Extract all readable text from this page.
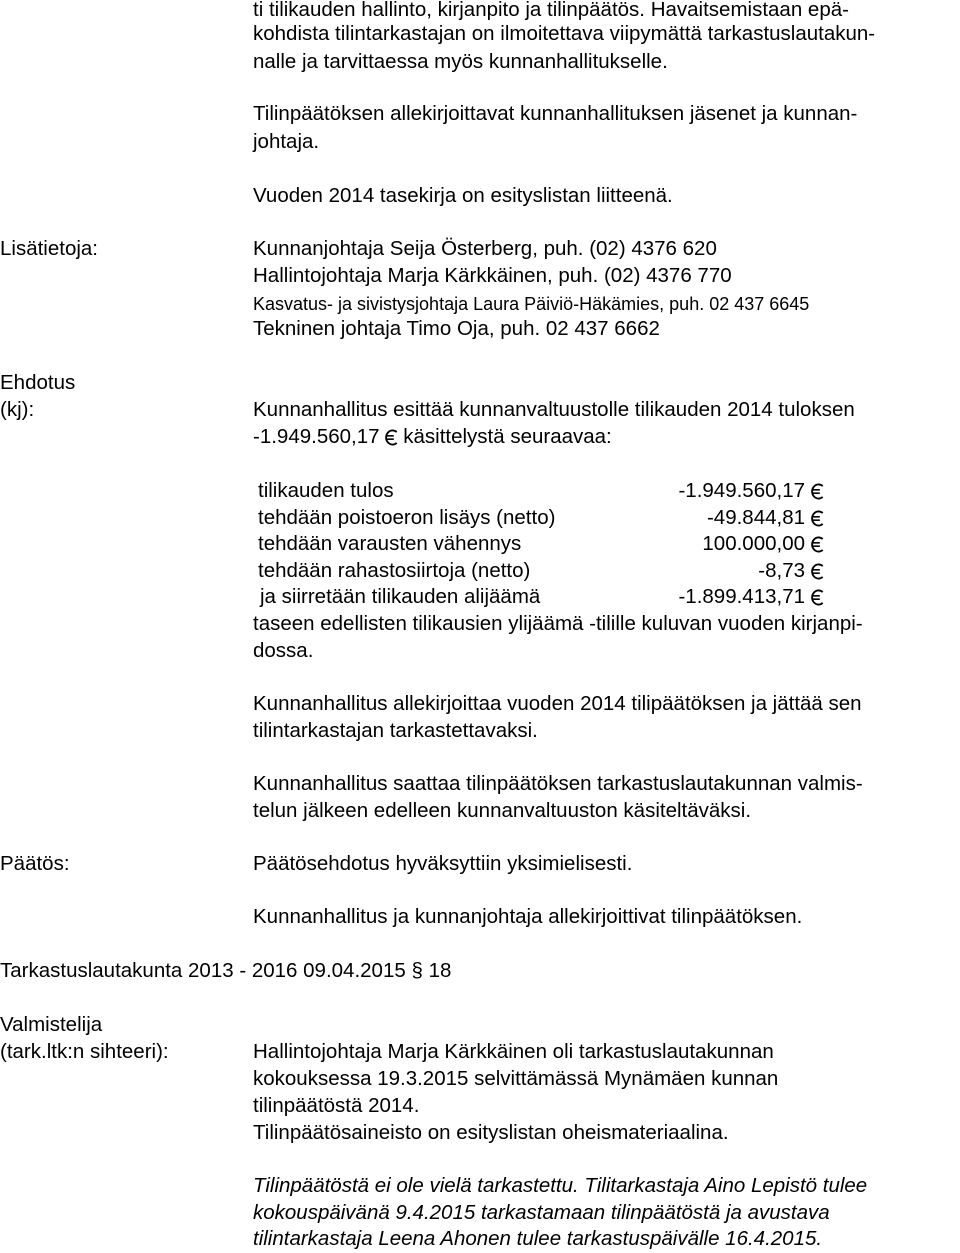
ti tilikauden hallinto, kirjanpito ja tilinpäätös. Havaitsemistaan epä-
kohdista tilintarkastajan on ilmoitettava viipymättä tarkastuslautakun-
nalle ja tarvittaessa myös kunnanhallitukselle.
Tilinpäätöksen allekirjoittavat kunnanhallituksen jäsenet ja kunnan-
johtaja.
Vuoden 2014 tasekirja on esityslistan liitteenä.
Lisätietoja:	Kunnanjohtaja Seija Österberg, puh. (02) 4376 620
Hallintojohtaja Marja Kärkkäinen, puh. (02) 4376 770
Kasvatus- ja sivistysjohtaja Laura Päiviö-Häkämies, puh. 02 437 6645
Tekninen johtaja Timo Oja, puh. 02 437 6662
Ehdotus
(kj):	Kunnanhallitus esittää kunnanvaltuustolle tilikauden 2014 tuloksen
-1.949.560,17 käsittelystä seuraavaa:
tilikauden tulos	-1.949.560,17
tehdään poistoeron lisäys (netto)	-49.844,81
tehdään varausten vähennys	100.000,00
tehdään rahastosiirtoja (netto)	-8,73
ja siirretään tilikauden alijäämä	-1.899.413,71
taseen edellisten tilikausien ylijäämä -tilille kuluvan vuoden kirjanpi-
dossa.
Kunnanhallitus allekirjoittaa vuoden 2014 tilipäätöksen ja jättää sen
tilintarkastajan tarkastettavaksi.
Kunnanhallitus saattaa tilinpäätöksen tarkastuslautakunnan valmis-
telun jälkeen edelleen kunnanvaltuuston käsiteltäväksi.
Päätös:	Päätösehdotus hyväksyttiin yksimielisesti.
Kunnanhallitus ja kunnanjohtaja allekirjoittivat tilinpäätöksen.
Tarkastuslautakunta 2013 - 2016 09.04.2015 § 18
Valmistelija
(tark.ltk:n sihteeri):	Hallintojohtaja Marja Kärkkäinen oli tarkastuslautakunnan
kokouksessa 19.3.2015 selvittämässä Mynämäen kunnan
tilinpäätöstä 2014.
Tilinpäätösaineisto on esityslistan oheismateriaalina.
Tilinpäätöstä ei ole vielä tarkastettu. Tilitarkastaja Aino Lepistö tulee
kokouspäivänä 9.4.2015 tarkastamaan tilinpäätöstä ja avustava
tilintarkastaja Leena Ahonen tulee tarkastuspäivälle 16.4.2015.
